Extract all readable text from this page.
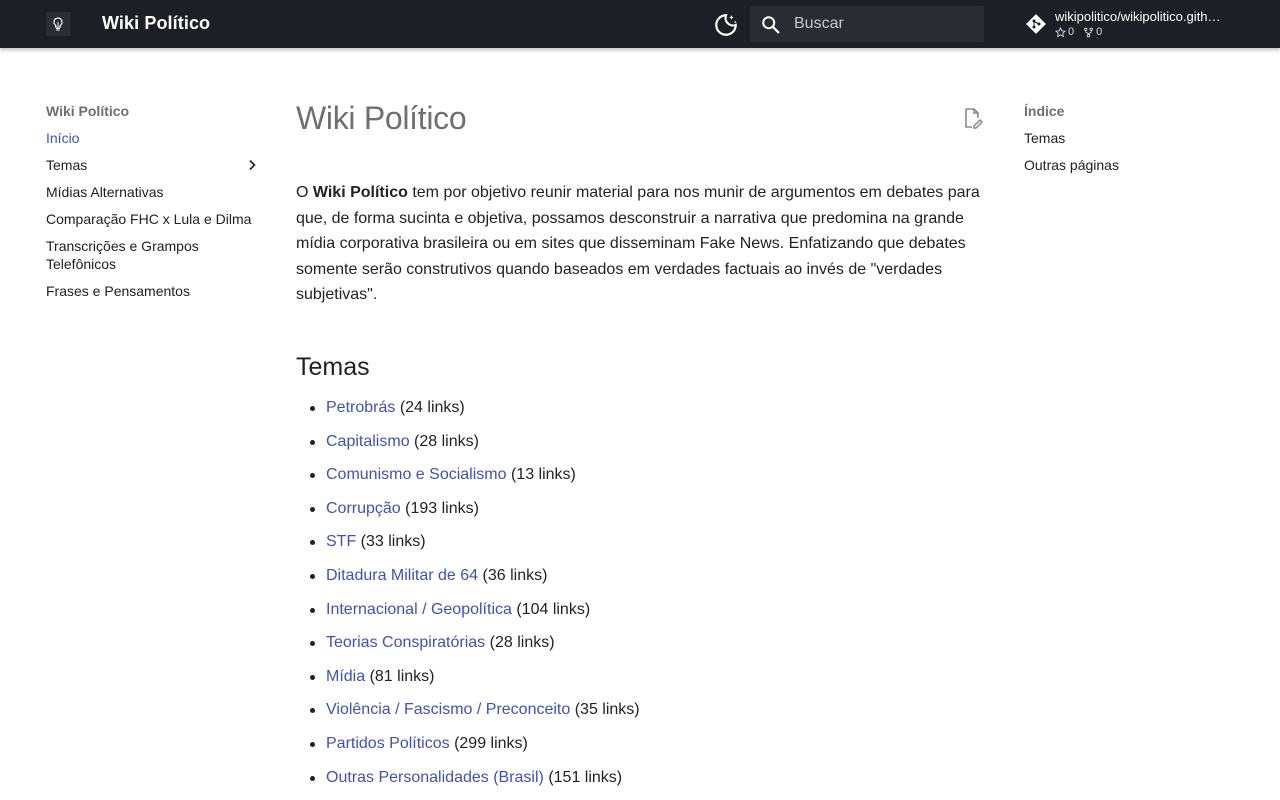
Wiki Político
Buscar	wikipolitico/wikipolitico.gith…
0 0
Wiki Político
Início
Temas
Mídias Alternativas
Comparação FHC x Lula e Dilma
Transcrições e Grampos Telefônicos
Frases e Pensamentos
Wiki Político

O Wiki Político tem por objetivo reunir material para nos munir de argumentos em debates para que, de forma sucinta e objetiva, possamos desconstruir a narrativa que predomina na grande mídia corporativa brasileira ou em sites que disseminam Fake News. Enfatizando que debates somente serão construtivos quando baseados em verdades factuais ao invés de "verdades subjetivas".

Temas
Petrobrás (24 links)
Capitalismo (28 links)
Comunismo e Socialismo (13 links)
Corrupção (193 links)
STF (33 links)
Ditadura Militar de 64 (36 links)
Internacional / Geopolítica (104 links)
Teorias Conspiratórias (28 links)
Mídia (81 links)
Violência / Fascismo / Preconceito (35 links)
Partidos Políticos (299 links)
Outras Personalidades (Brasil) (151 links)
Índice
Temas
Outras páginas
